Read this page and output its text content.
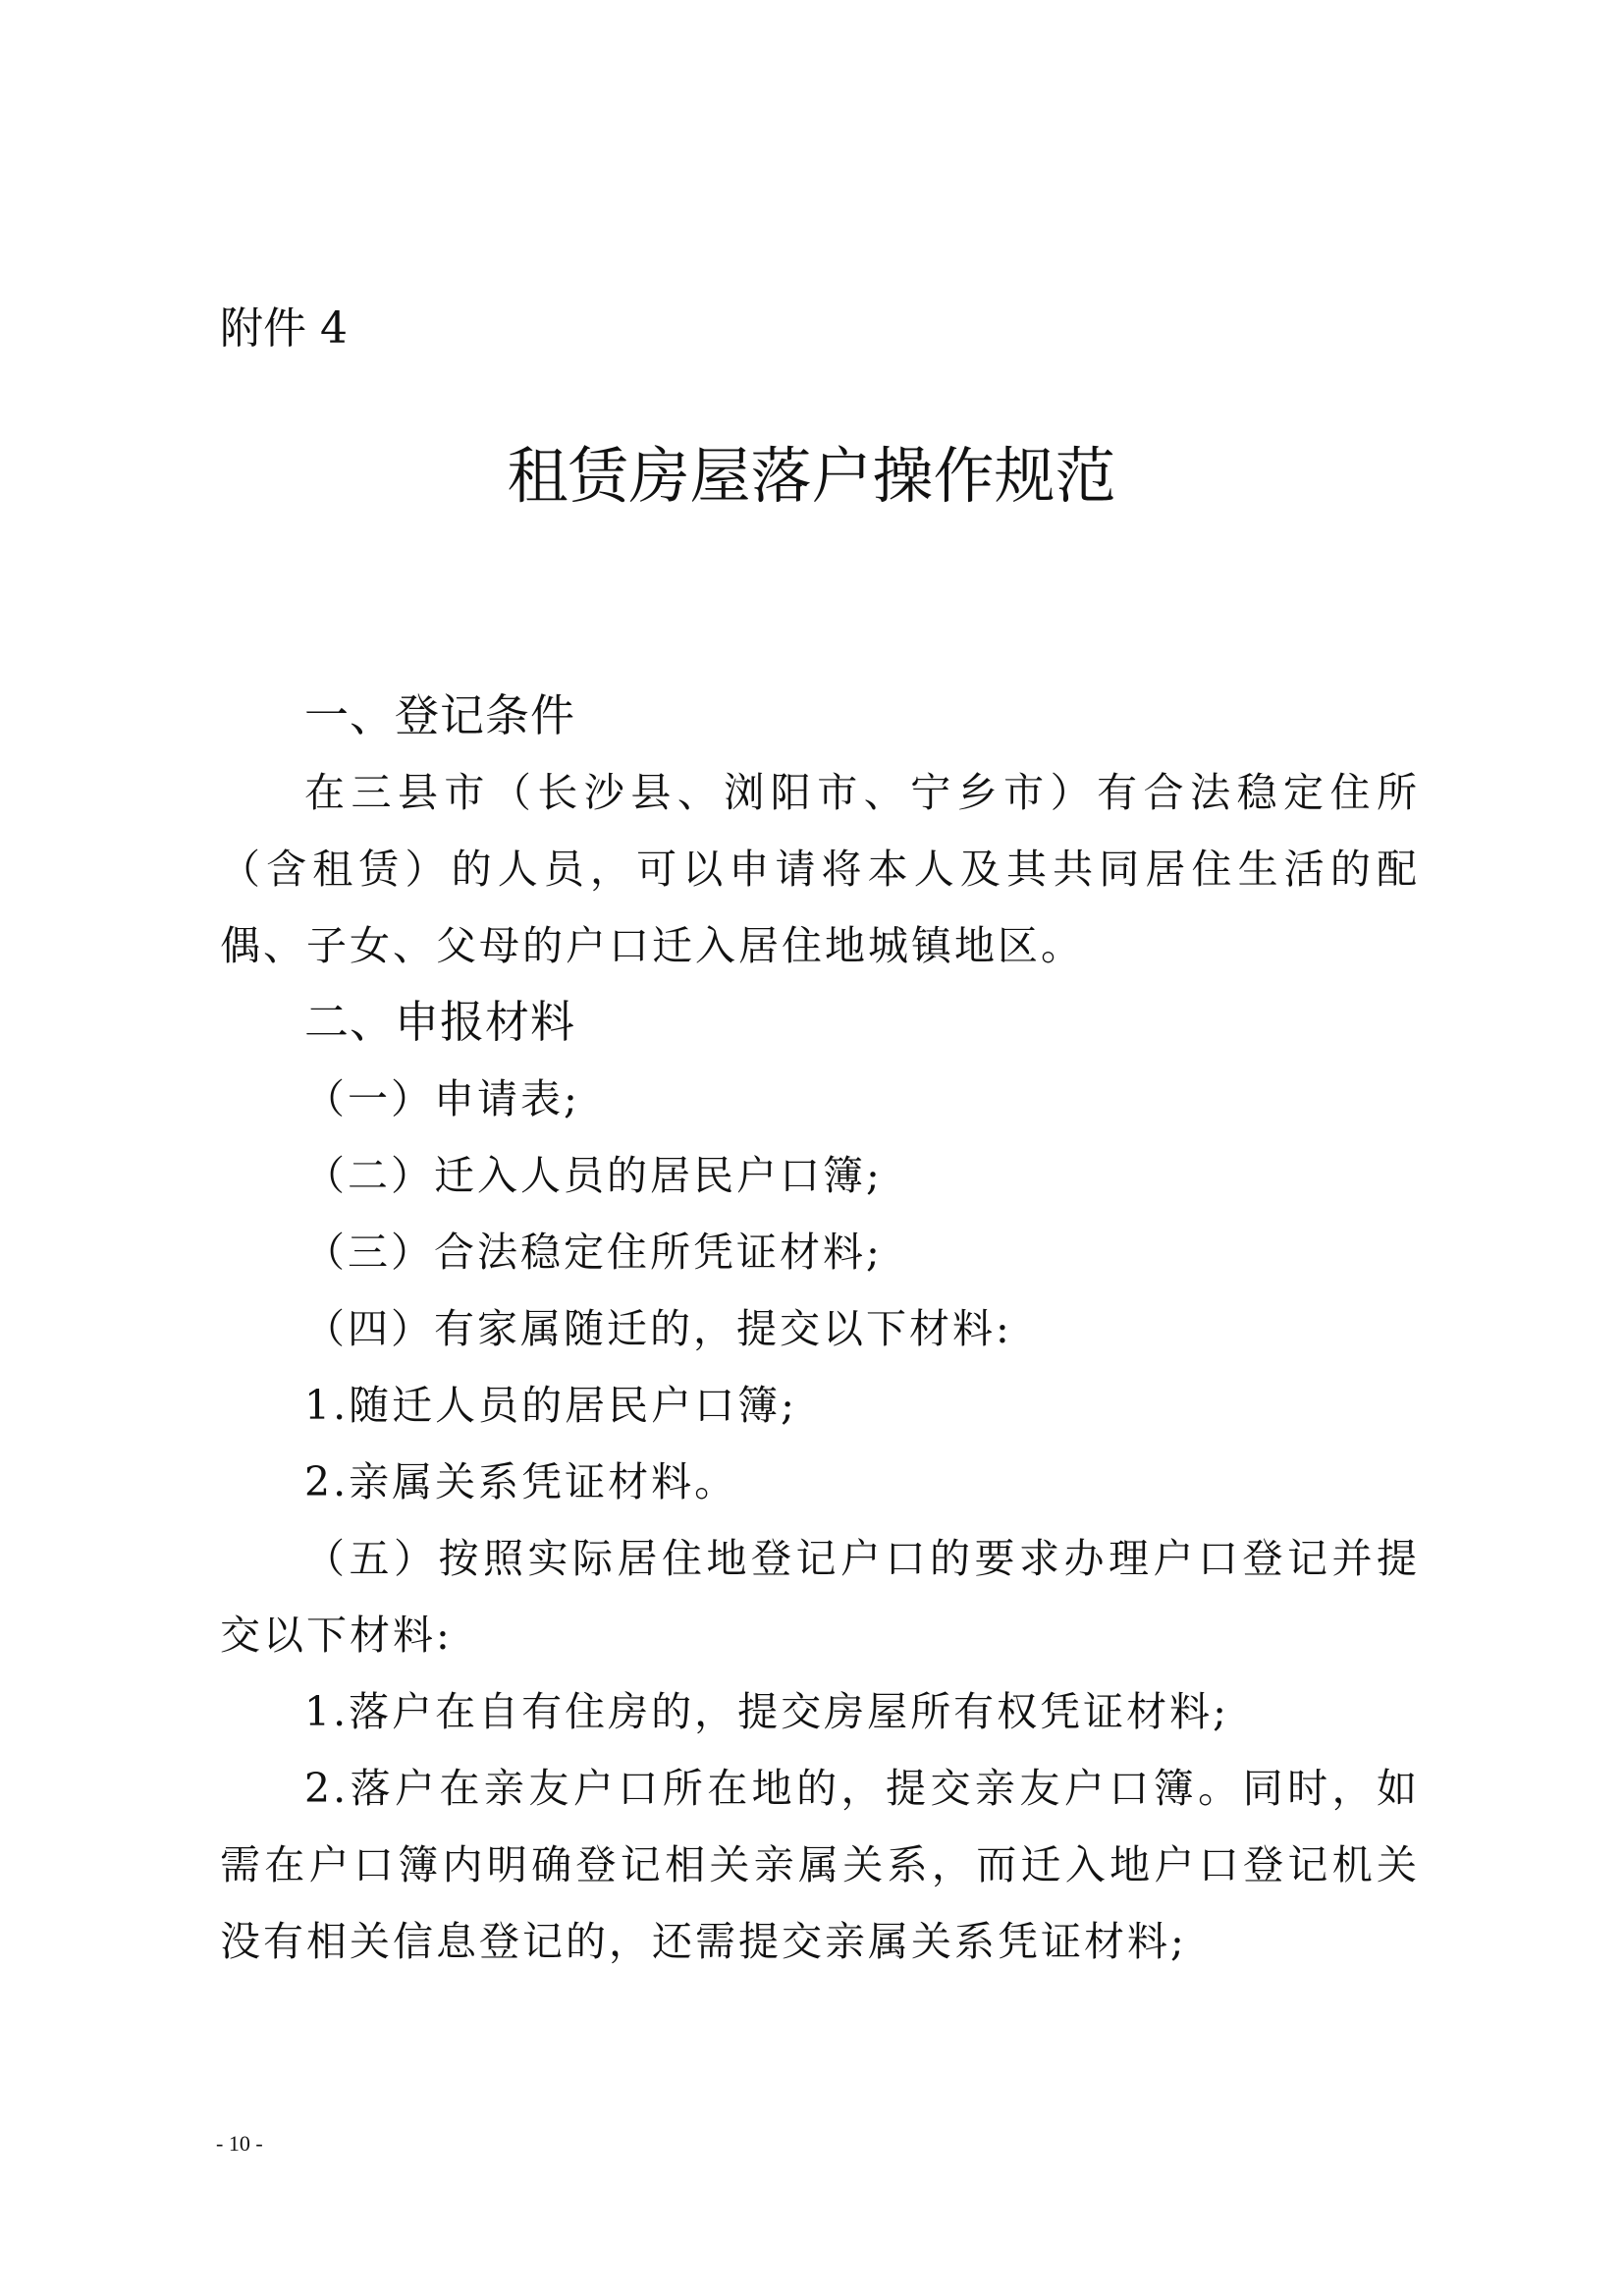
附件 4
租赁房屋落户操作规范

一、登记条件

在三县市（长沙县、浏阳市、宁乡市）有合法稳定住所（含租赁）的人员，可以申请将本人及其共同居住生活的配偶、子女、父母的户口迁入居住地城镇地区。

二、申报材料

（一）申请表;

（二）迁入人员的居民户口簿;

（三）合法稳定住所凭证材料;

（四）有家属随迁的，提交以下材料:

1.随迁人员的居民户口簿;

2.亲属关系凭证材料。

（五）按照实际居住地登记户口的要求办理户口登记并提交以下材料:

1.落户在自有住房的，提交房屋所有权凭证材料;

2.落户在亲友户口所在地的，提交亲友户口簿。同时，如需在户口簿内明确登记相关亲属关系，而迁入地户口登记机关没有相关信息登记的，还需提交亲属关系凭证材料;

- 10 -
